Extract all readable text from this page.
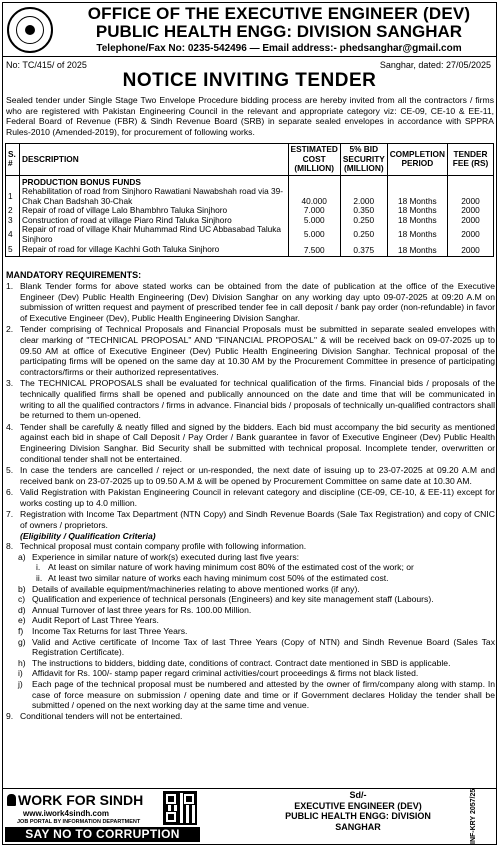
OFFICE OF THE EXECUTIVE ENGINEER (DEV)
PUBLIC HEALTH ENGG: DIVISION SANGHAR
Telephone/Fax No: 0235-542496 — Email address:- phedsanghar@gmail.com
No: TC/415/ of 2025	Sanghar, dated: 27/05/2025
NOTICE INVITING TENDER
Sealed tender under Single Stage Two Envelope Procedure bidding process are hereby invited from all the contractors / firms who are registered with Pakistan Engineering Council in the relevant and appropriate category viz: CE-09, CE-10 & EE-11, Federal Board of Revenue (FBR) & Sindh Revenue Board (SRB) in separate sealed envelopes in accordance with SPPRA Rules-2010 (Amended-2019), for procurement of following works.
S. #	DESCRIPTION	ESTIMATED COST (MILLION)	5% BID SECURITY (MILLION)	COMPLETION PERIOD	TENDER FEE (RS)
	PRODUCTION BONUS FUNDS				
1	Rehabilitation of road from Sinjhoro Rawatiani Nawabshah road via 39-Chak Chan Badshah 30-Chak	40.000	2.000	18 Months	2000
2	Repair of road of village Lalo Bhambhro Taluka Sinjhoro	7.000	0.350	18 Months	2000
3	Construction of road at village Piaro Rind Taluka Sinjhoro	5.000	0.250	18 Months	2000
4	Repair of road of village Khair Muhammad Rind UC Abbasabad Taluka Sinjhoro	5.000	0.250	18 Months	2000
5	Repair of road for village Kachhi Goth Taluka Sinjhoro	7.500	0.375	18 Months	2000
MANDATORY REQUIREMENTS:
1. Blank Tender forms for above stated works can be obtained from the date of publication at the office of the Executive Engineer (Dev) Public Health Engineering (Dev) Division Sanghar on any working day upto 09-07-2025 at 09:20 A.M on submission of written request and payment of prescribed tender fee in call deposit / bank pay order (non-refundable) in favor of Executive Engineer (Dev), Public Health Engineering Division Sanghar.
2. Tender comprising of Technical Proposals and Financial Proposals must be submitted in separate sealed envelopes with clear marking of "TECHNICAL PROPOSAL" AND "FINANCIAL PROPOSAL" & will be received back on 09-07-2025 up to 09.50 AM at office of Executive Engineer (Dev) Public Health Engineering Division Sanghar. Technical proposal of the participating firms will be opened on the same day at 10.30 AM by the Procurement Committee in presence of participating contractors/firms or their authorized representatives.
3. The TECHNICAL PROPOSALS shall be evaluated for technical qualification of the firms. Financial bids / proposals of the technically qualified firms shall be opened and publically announced on the date and time that will be communicated in writing to all the qualified contractors / firms in advance. Financial bids / proposals of technically un-qualified contractors shall be returned to them un-opened.
4. Tender shall be carefully & neatly filled and signed by the bidders. Each bid must accompany the bid security as mentioned against each bid in shape of Call Deposit / Pay Order / Bank guarantee in favor of Executive Engineer (Dev) Public Health Engineering Division Sanghar. Bid Security shall be submitted with technical proposal. Incomplete tender, overwritten or conditional tender shall not be entertained.
5. In case the tenders are cancelled / reject or un-responded, the next date of issuing up to 23-07-2025 at 09.20 A.M and received bank on 23-07-2025 up to 09.50 A.M & will be opened by Procurement Committee on same date at 10.30 AM.
6. Valid Registration with Pakistan Engineering Council in relevant category and discipline (CE-09, CE-10, & EE-11) except for works costing up to 4.0 million.
7. Registration with Income Tax Department (NTN Copy) and Sindh Revenue Boards (Sale Tax Registration) and copy of CNIC of owners / proprietors.
(Eligibility / Qualification Criteria)
8. Technical proposal must contain company profile with following information.
a) Experience in similar nature of work(s) executed during last five years:
i. At least on similar nature of work having minimum cost 80% of the estimated cost of the work; or
ii. At least two similar nature of works each having minimum cost 50% of the estimated cost.
b) Details of available equipment/machineries relating to above mentioned works (if any).
c) Qualification and experience of technical personals (Engineers) and key site management staff (Labours).
d) Annual Turnover of last three years for Rs. 100.00 Million.
e) Audit Report of Last Three Years.
f) Income Tax Returns for last Three Years.
g) Valid and Active certificate of Income Tax of last Three Years (Copy of NTN) and Sindh Revenue Board (Sales Tax Registration Certificate).
h) The instructions to bidders, bidding date, conditions of contract. Contract date mentioned in SBD is applicable.
i) Affidavit for Rs. 100/- stamp paper regard criminal activities/court proceedings & firms not black listed.
j) Each page of the technical proposal must be numbered and attested by the owner of firm/company along with stamp. In case of force measure on submission / opening date and time or if Government declares Holiday the tender shall be submitted / opened on the next working day at the same time and venue.
9. Conditional tenders will not be entertained.
WORK FOR SINDH
www.iwork4sindh.com
JOB PORTAL BY INFORMATION DEPARTMENT
SAY NO TO CORRUPTION
Sd/-
EXECUTIVE ENGINEER (DEV)
PUBLIC HEALTH ENGG: DIVISION
SANGHAR	INF-KRY 2057/25
